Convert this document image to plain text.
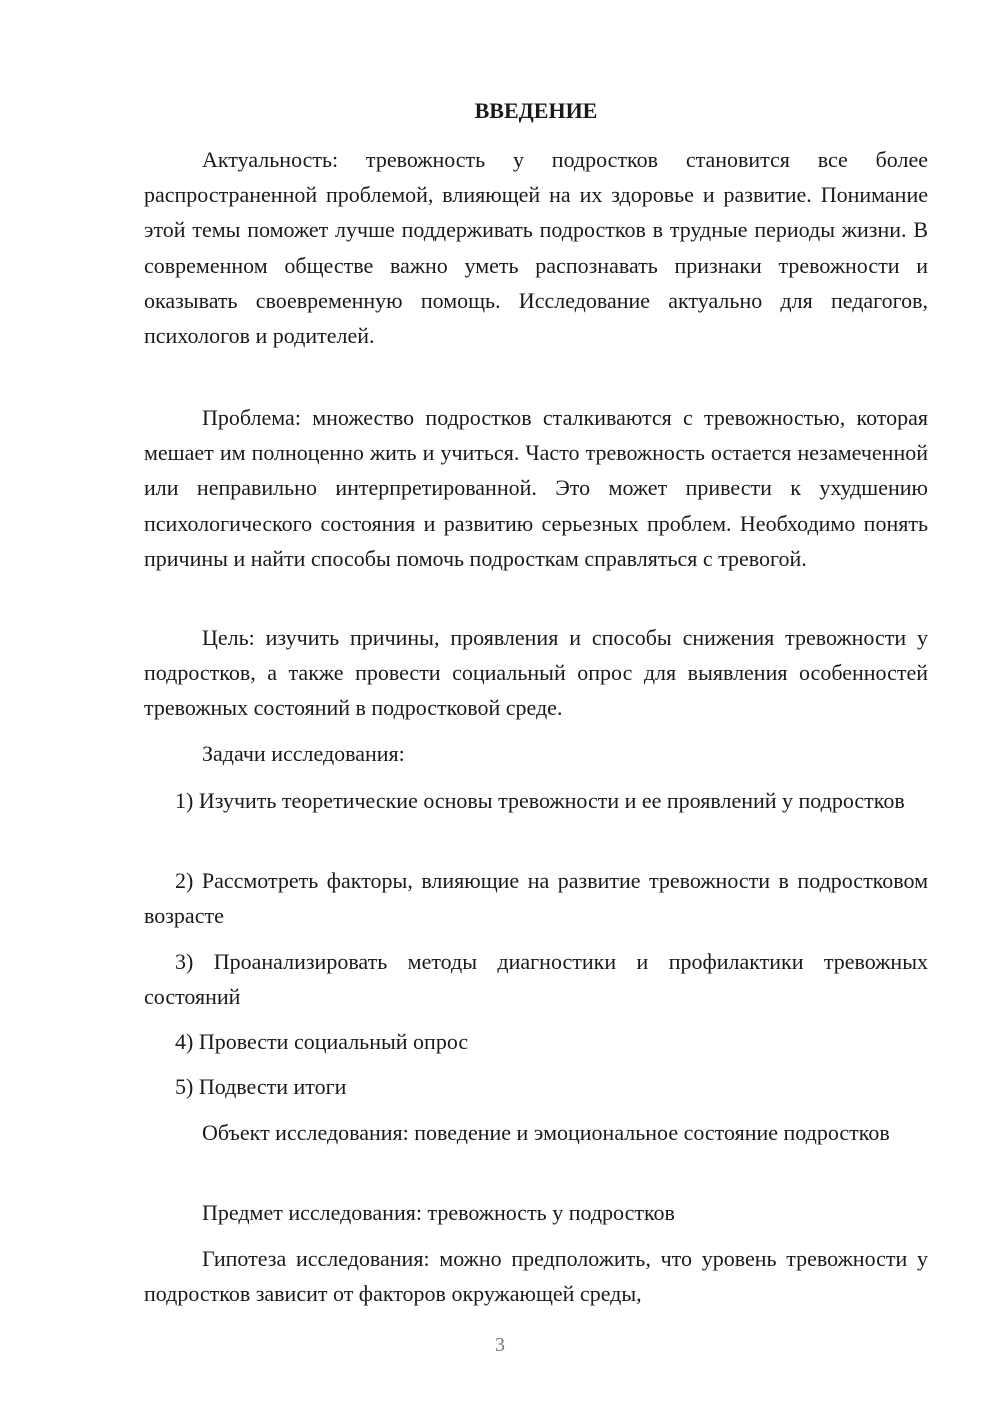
ВВЕДЕНИЕ

Актуальность: тревожность у подростков становится все более распространенной проблемой, влияющей на их здоровье и развитие. Понимание этой темы поможет лучше поддерживать подростков в трудные периоды жизни. В современном обществе важно уметь распознавать признаки тревожности и оказывать своевременную помощь. Исследование актуально для педагогов, психологов и родителей.

Проблема: множество подростков сталкиваются с тревожностью, которая мешает им полноценно жить и учиться. Часто тревожность остается незамеченной или неправильно интерпретированной. Это может привести к ухудшению психологического состояния и развитию серьезных проблем. Необходимо понять причины и найти способы помочь подросткам справляться с тревогой.

Цель: изучить причины, проявления и способы снижения тревожности у подростков, а также провести социальный опрос для выявления особенностей тревожных состояний в подростковой среде.

Задачи исследования:

1) Изучить теоретические основы тревожности и ее проявлений у подростков

2) Рассмотреть факторы, влияющие на развитие тревожности в подростковом возрасте

3) Проанализировать методы диагностики и профилактики тревожных состояний

4) Провести социальный опрос

5) Подвести итоги

Объект исследования: поведение и эмоциональное состояние подростков

Предмет исследования: тревожность у подростков

Гипотеза исследования: можно предположить, что уровень тревожности у подростков зависит от факторов окружающей среды,

3
